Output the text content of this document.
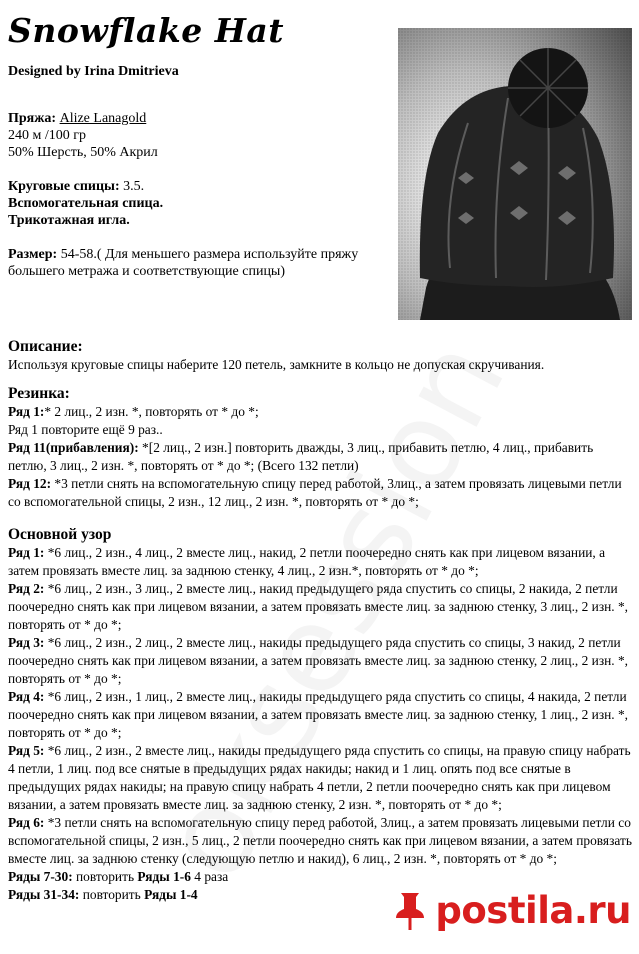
Snowflake Hat
Designed by Irina Dmitrieva

Пряжа: Alize Lanagold

240 м /100 гр

50% Шерсть, 50% Акрил

Круговые спицы: 3.5.

Вспомогательная спица.

Трикотажная игла.

Размер: 54-58.( Для меньшего размера используйте пряжу большего метража и соответствующие спицы)

Описание:

Используя круговые спицы наберите 120 петель, замкните в кольцо не допуская скручивания.

Резинка:

Ряд 1:* 2 лиц., 2 изн. *, повторять от * до *;

Ряд 1 повторите ещё 9 раз..

Ряд 11(прибавления): *[2 лиц., 2 изн.] повторить дважды, 3 лиц., прибавить петлю, 4 лиц., прибавить петлю, 3 лиц., 2 изн. *, повторять от * до *; (Всего 132 петли)

Ряд 12: *3 петли снять на вспомогательную спицу перед работой, 3лиц., а затем провязать лицевыми петли со вспомогательной спицы, 2 изн., 12 лиц., 2 изн. *, повторять от * до *;

Основной узор

Ряд 1: *6 лиц., 2 изн., 4 лиц., 2 вместе лиц., накид, 2 петли поочередно снять как при лицевом вязании, а затем провязать вместе лиц. за заднюю стенку, 4 лиц., 2 изн.*, повторять от * до *;

Ряд 2: *6 лиц., 2 изн., 3 лиц., 2 вместе лиц., накид предыдущего ряда спустить со спицы, 2 накида, 2 петли поочередно снять как при лицевом вязании, а затем провязать вместе лиц. за заднюю стенку, 3 лиц., 2 изн. *, повторять от * до *;

Ряд 3: *6 лиц., 2 изн., 2 лиц., 2 вместе лиц., накиды предыдущего ряда спустить со спицы, 3 накид, 2 петли поочередно снять как при лицевом вязании, а затем провязать вместе лиц. за заднюю стенку, 2 лиц., 2 изн. *, повторять от * до *;

Ряд 4: *6 лиц., 2 изн., 1 лиц., 2 вместе лиц., накиды предыдущего ряда спустить со спицы, 4 накида, 2 петли поочередно снять как при лицевом вязании, а затем провязать вместе лиц. за заднюю стенку, 1 лиц., 2 изн. *, повторять от * до *;

Ряд 5: *6 лиц., 2 изн., 2 вместе лиц., накиды предыдущего ряда спустить со спицы, на правую спицу набрать 4 петли, 1 лиц. под все снятые в предыдущих рядах накиды; накид и 1 лиц. опять под все снятые в предыдущих рядах накиды; на правую спицу набрать 4 петли, 2 петли поочередно снять как при лицевом вязании, а затем провязать вместе лиц. за заднюю стенку, 2 изн. *, повторять от * до *;

Ряд 6: *3 петли снять на вспомогательную спицу перед работой, 3лиц., а затем провязать лицевыми петли со вспомогательной спицы, 2 изн., 5 лиц., 2 петли поочередно снять как при лицевом вязании, а затем провязать вместе лиц. за заднюю стенку (следующую петлю и накид), 6 лиц., 2 изн. *, повторять от * до *;

Ряды 7-30: повторить Ряды 1-6 4 раза

Ряды 31-34: повторить Ряды 1-4	postila.ru
